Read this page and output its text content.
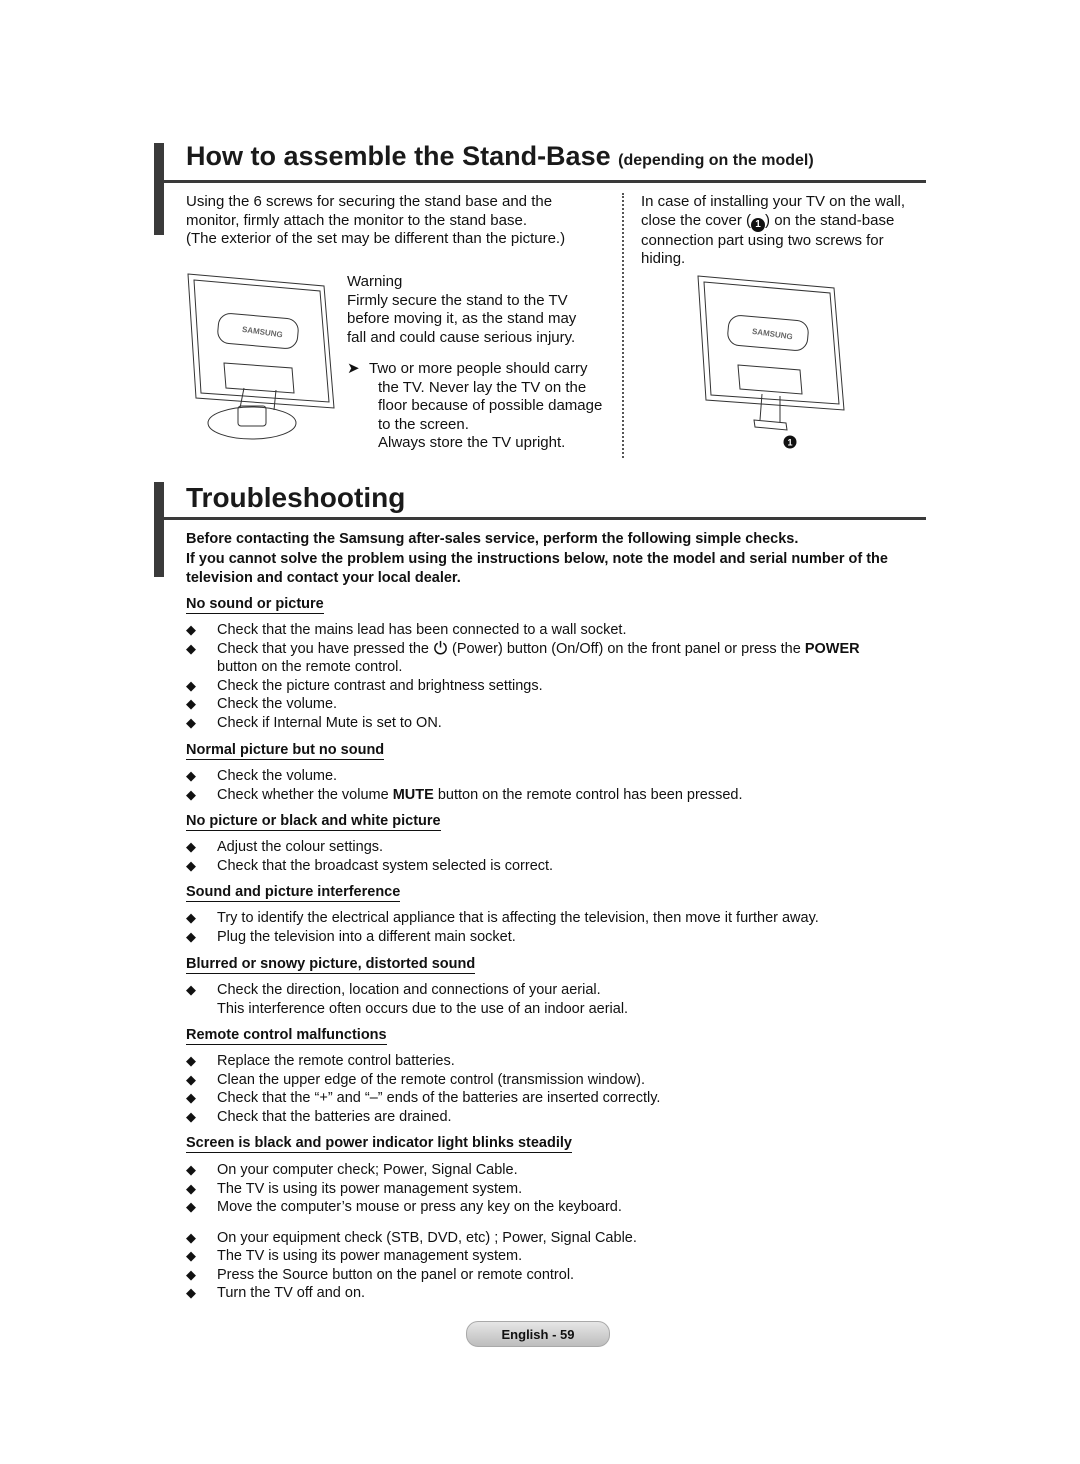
How to assemble the Stand-Base (depending on the model)

Using the 6 screws for securing the stand base and the

monitor, firmly attach the monitor to the stand base.

(The exterior of the set may be different than the picture.)

SAMSUNG

Warning

Firmly secure the stand to the TV

before moving it, as the stand may

fall and could cause serious injury.

➤ Two or more people should carry

the TV. Never lay the TV on the

floor because of possible damage

to the screen.

Always store the TV upright.

In case of installing your TV on the wall,

close the cover ( 1 ) on the stand-base

connection part using two screws for

hiding.

SAMSUNG
1
Troubleshooting

Before contacting the Samsung after-sales service, perform the following simple checks.

If you cannot solve the problem using the instructions below, note the model and serial number of the television and contact your local dealer.

No sound or picture
◆ Check that the mains lead has been connected to a wall socket.
◆ Check that you have pressed the  (Power) button (On/Off) on the front panel or press the POWER
button on the remote control.
◆ Check the picture contrast and brightness settings.
◆ Check the volume.
◆ Check if Internal Mute is set to ON.
Normal picture but no sound
◆ Check the volume.
◆ Check whether the volume MUTE button on the remote control has been pressed.
No picture or black and white picture
◆ Adjust the colour settings.
◆ Check that the broadcast system selected is correct.
Sound and picture interference
◆ Try to identify the electrical appliance that is affecting the television, then move it further away.
◆ Plug the television into a different main socket.
Blurred or snowy picture, distorted sound
◆ Check the direction, location and connections of your aerial.
This interference often occurs due to the use of an indoor aerial.
Remote control malfunctions
◆ Replace the remote control batteries.
◆ Clean the upper edge of the remote control (transmission window).
◆ Check that the “+” and “–” ends of the batteries are inserted correctly.
◆ Check that the batteries are drained.
Screen is black and power indicator light blinks steadily
◆ On your computer check; Power, Signal Cable.
◆ The TV is using its power management system.
◆ Move the computer’s mouse or press any key on the keyboard.
◆ On your equipment check (STB, DVD, etc) ; Power, Signal Cable.
◆ The TV is using its power management system.
◆ Press the Source button on the panel or remote control.
◆ Turn the TV off and on.
English - 59
